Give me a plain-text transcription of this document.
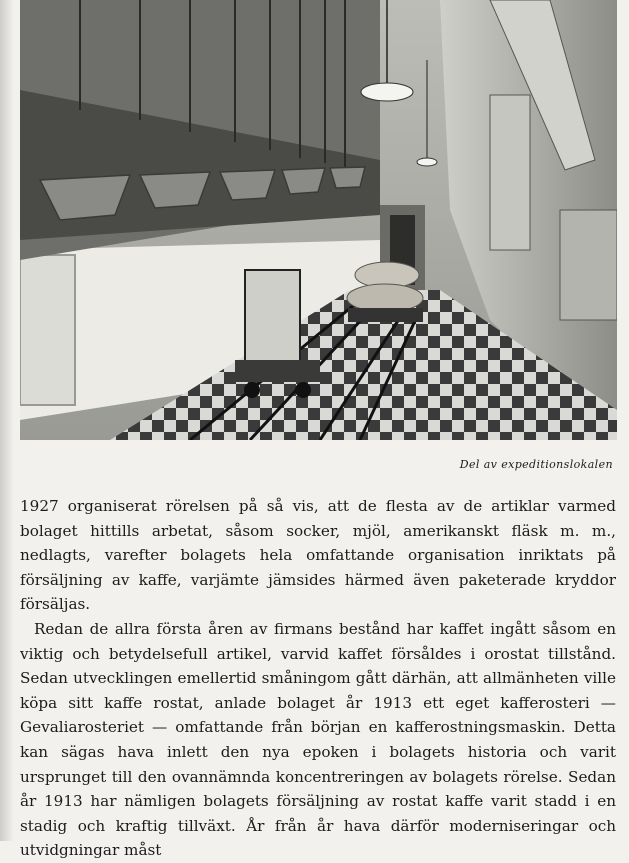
Del av expeditionslokalen

1927 organiserat rörelsen på så vis, att de flesta av de artiklar varmed bolaget hittills arbetat, såsom socker, mjöl, amerikanskt fläsk m. m., nedlagts, varefter bolagets hela omfattande organisation inriktats på försäljning av kaffe, varjämte jämsides härmed även paketerade kryddor försäljas.

Redan de allra första åren av firmans bestånd har kaffet ingått såsom en viktig och betydelsefull artikel, varvid kaffet försåldes i orostat tillstånd. Sedan utvecklingen emellertid småningom gått därhän, att allmänheten ville köpa sitt kaffe rostat, anlade bolaget år 1913 ett eget kafferosteri — Gevaliarosteriet — omfattande från början en kafferostningsmaskin. Detta kan sägas hava inlett den nya epoken i bolagets historia och varit ursprunget till den ovannämnda koncentreringen av bolagets rörelse. Sedan år 1913 har nämligen bolagets försäljning av rostat kaffe varit stadd i en stadig och kraftig tillväxt. År från år hava därför moderniseringar och utvidgningar måst
